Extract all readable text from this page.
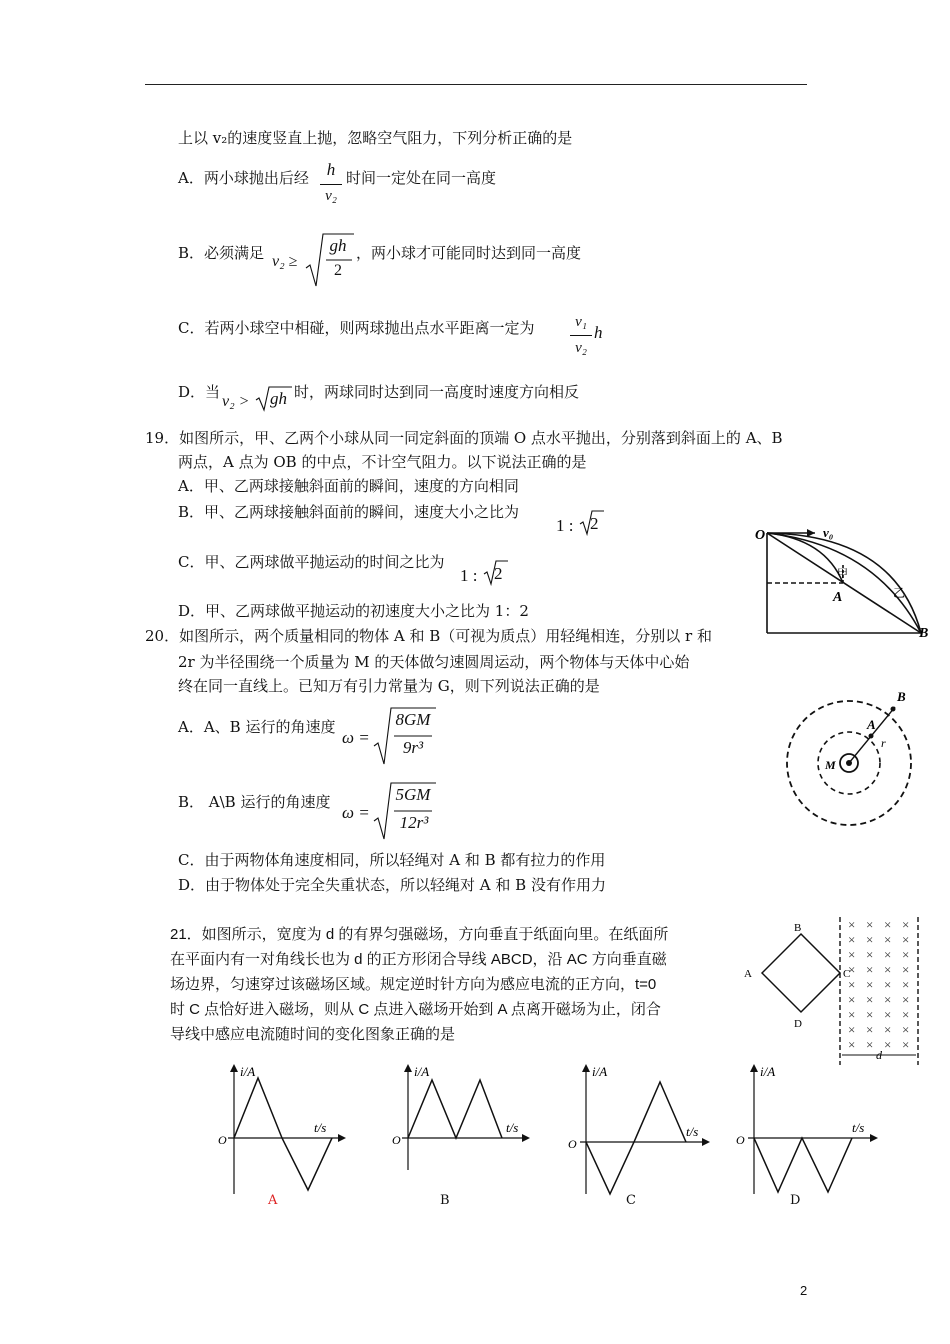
上以 v₂的速度竖直上抛，忽略空气阻力，下列分析正确的是
A．两小球抛出后经	h
v₂
时间一定处在同一高度
B．必须满足 v₂ ≥
gh
2
，两小球才可能同时达到同一高度
C．若两小球空中相碰，则两球抛出点水平距离一定为	v₁
v₂
h
D．当
v₂ > gh 时，两球同时达到同一高度时速度方向相反
19．如图所示，甲、乙两个小球从同一同定斜面的顶端 O 点水平抛出，分别落到斜面上的 A、B
两点，A 点为 OB 的中点，不计空气阻力。以下说法正确的是
A．甲、乙两球接触斜面前的瞬间，速度的方向相同
B．甲、乙两球接触斜面前的瞬间，速度大小之比为
1 : 2
C．甲、乙两球做平抛运动的时间之比为
1 : 2
D．甲、乙两球做平抛运动的初速度大小之比为 1：2
O	v₀
甲
乙
A
B
20．如图所示，两个质量相同的物体 A 和 B（可视为质点）用轻绳相连，分别以 r 和
2r 为半径围绕一个质量为 M 的天体做匀速圆周运动，两个物体与天体中心始
终在同一直线上。已知万有引力常量为 G，则下列说法正确的是
A．A、B 运行的角速度
ω =
8GM
9r³
B． A\B 运行的角速度
ω =
5GM
12r³
C．由于两物体角速度相同，所以轻绳对 A 和 B 都有拉力的作用
D．由于物体处于完全失重状态，所以轻绳对 A 和 B 没有作用力
B
A
r
M
21．如图所示，宽度为 d 的有界匀强磁场，方向垂直于纸面向里。在纸面所
在平面内有一对角线长也为 d 的正方形闭合导线 ABCD，沿 AC 方向垂直磁
场边界，匀速穿过该磁场区域。规定逆时针方向为感应电流的正方向，t=0
时 C 点恰好进入磁场，则从 C 点进入磁场开始到 A 点离开磁场为止，闭合
导线中感应电流随时间的变化图象正确的是
× × × ×
× × × ×
× × × ×
× × × ×
× × × ×
× × × ×
× × × ×
× × × ×
× × × ×
B
A	C
D
d
i/A
t/s
O
A
i/A
t/s
O
B
i/A
t/s
O
C
i/A
t/s
O
D
2
